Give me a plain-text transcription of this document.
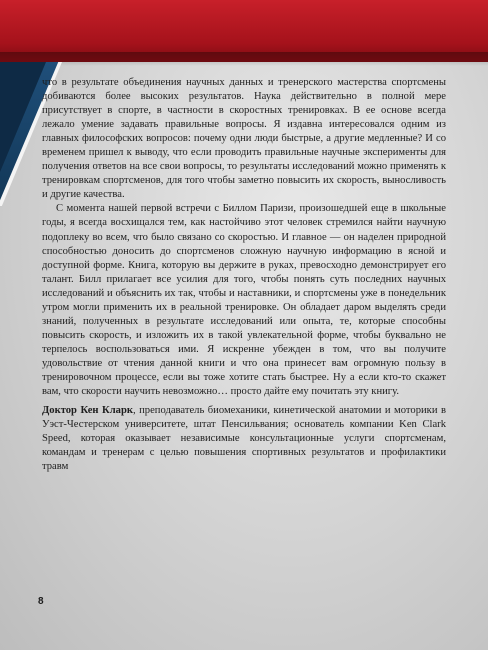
что в результате объединения научных данных и тренерского мастерства спортсмены добиваются более высоких результатов. Наука действительно в полной мере присутствует в спорте, в частности в скоростных тренировках. В ее основе всегда лежало умение задавать правильные вопросы. Я издавна интересовался одним из главных философских вопросов: почему одни люди быстрые, а другие медленные? И со временем пришел к выводу, что если проводить правильные научные эксперименты для получения ответов на все свои вопросы, то результаты исследований можно применять к тренировкам спортсменов, для того чтобы заметно повысить их скорость, выносливость и другие качества.

С момента нашей первой встречи с Биллом Паризи, произошедшей еще в школьные годы, я всегда восхищался тем, как настойчиво этот человек стремился найти научную подоплеку во всем, что было связано со скоростью. И главное — он наделен природной способностью доносить до спортсменов сложную научную информацию в ясной и доступной форме. Книга, которую вы держите в руках, превосходно демонстрирует его талант. Билл прилагает все усилия для того, чтобы понять суть последних научных исследований и объяснить их так, чтобы и наставники, и спортсмены уже в понедельник утром могли применить их в реальной тренировке. Он обладает даром выделять среди знаний, полученных в результате исследований или опыта, те, которые способны повысить скорость, и изложить их в такой увлекательной форме, чтобы буквально не терпелось воспользоваться ими. Я искренне убежден в том, что вы получите удовольствие от чтения данной книги и что она принесет вам огромную пользу в тренировочном процессе, если вы тоже хотите стать быстрее. Ну а если кто-то скажет вам, что скорости научить невозможно… просто дайте ему почитать эту книгу.

Доктор Кен Кларк, преподаватель биомеханики, кинетической анатомии и моторики в Уэст-Честерском университете, штат Пенсильвания; основатель компании Ken Clark Speed, которая оказывает независимые консультационные услуги спортсменам, командам и тренерам с целью повышения спортивных результатов и профилактики травм

8
